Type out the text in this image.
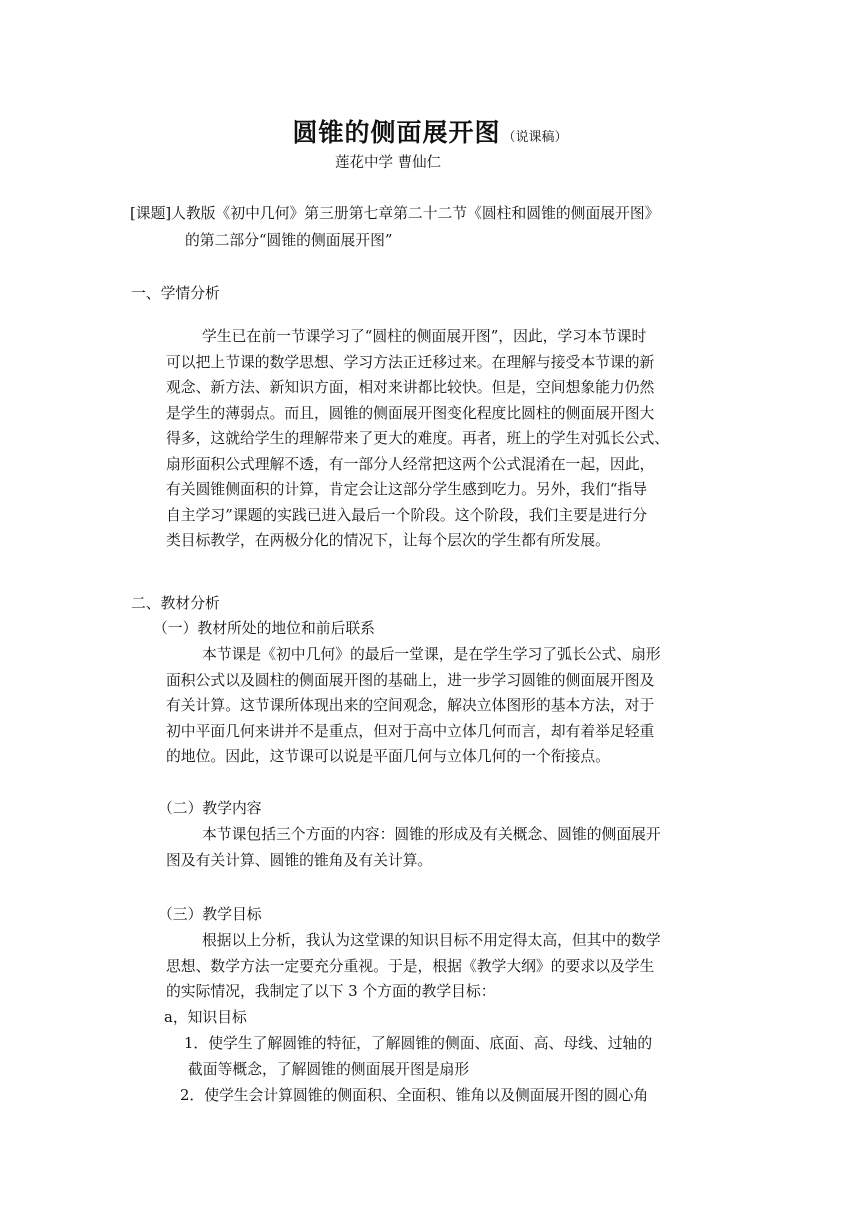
圆锥的侧面展开图 （说课稿）
莲花中学 曹仙仁
[课题]人教版《初中几何》第三册第七章第二十二节《圆柱和圆锥的侧面展开图》
的第二部分“圆锥的侧面展开图”
一、学情分析

学生已在前一节课学习了“圆柱的侧面展开图”，因此，学习本节课时

可以把上节课的数学思想、学习方法正迁移过来。在理解与接受本节课的新

观念、新方法、新知识方面，相对来讲都比较快。但是，空间想象能力仍然

是学生的薄弱点。而且，圆锥的侧面展开图变化程度比圆柱的侧面展开图大

得多，这就给学生的理解带来了更大的难度。再者，班上的学生对弧长公式、

扇形面积公式理解不透，有一部分人经常把这两个公式混淆在一起，因此，

有关圆锥侧面积的计算，肯定会让这部分学生感到吃力。另外，我们“指导

自主学习”课题的实践已进入最后一个阶段。这个阶段，我们主要是进行分

类目标教学，在两极分化的情况下，让每个层次的学生都有所发展。

二、教材分析
（一）教材所处的地位和前后联系

本节课是《初中几何》的最后一堂课，是在学生学习了弧长公式、扇形

面积公式以及圆柱的侧面展开图的基础上，进一步学习圆锥的侧面展开图及

有关计算。这节课所体现出来的空间观念，解决立体图形的基本方法，对于

初中平面几何来讲并不是重点，但对于高中立体几何而言，却有着举足轻重

的地位。因此，这节课可以说是平面几何与立体几何的一个衔接点。

（二）教学内容

本节课包括三个方面的内容：圆锥的形成及有关概念、圆锥的侧面展开

图及有关计算、圆锥的锥角及有关计算。

（三）教学目标

根据以上分析，我认为这堂课的知识目标不用定得太高，但其中的数学

思想、数学方法一定要充分重视。于是，根据《教学大纲》的要求以及学生

的实际情况，我制定了以下 3 个方面的教学目标：

a，知识目标
1．使学生了解圆锥的特征，了解圆锥的侧面、底面、高、母线、过轴的
截面等概念，了解圆锥的侧面展开图是扇形
2．使学生会计算圆锥的侧面积、全面积、锥角以及侧面展开图的圆心角
